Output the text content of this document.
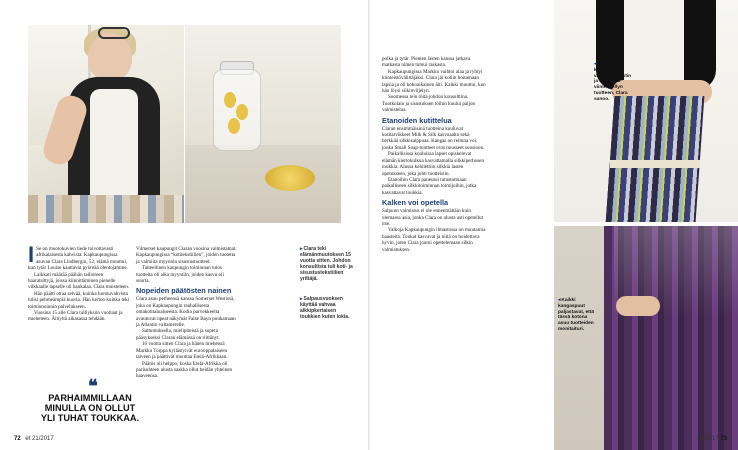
I Se on muotokuvien tiede toivottavasti afrikalaisesta kahvista. Kapkaupungissa asuvan Clara Lindbergin, 52, elämä muuttui, kun tytär Louise kauttavat pyöreää olentojamme.

Laikkati määrää päähän tailioreen haaratsittyjä, joissa kiinnittäminen pienelle vilkkaalle lapselle oli hankalaa. Clara muisteleen.

Hän päätti ottaa selvää, kuinka luomuvahvista tulisi pehmeämpiä kuoria. Hän kertoo kuinka teki toiminnoinnin palvelukseen.

Vuosina 15 alle Clara tulliyksiin vuotiaat ja mieheteen. Äitiyttä aikasassa tehdään.

Vilmetset kaupungit Claran vuosina valmistamat. Kapkaupungissa “kotitekstiilien”, joiden tuotetta ja valmiita myynnin sisustustuotteet.

Taiteellinen kaupungin toiminnan tulos tuotteita oli aika myyntiin, joiden kasvu oli suurta.

Nopeiden päätösten nainen

Clara asuu perheensä kanssa Somerset Westissä, joka on Kapkaupungin rauhallisesta omakotitaloalueesta. Kodin parvekkeelta avautuvat upeat näkymät False Bayn poukamaan ja Atlantin valtamerelle.

Sattumuksella, mielipiteistä ja sopeta pääsykseksi Claran elämässä on riittänyt.

16 vuotta sitten Clara ja hänen miehensä Markku Torppa kyllästyivät eurooppalaiseen talveen ja päättivät muuttaa Etelä-Afrikkaan.

Päätös oli helppo, koska Etelä-Afrikka oli parisuhteen alusta saakka ollut heidän yhteinen haaveensa.

▸Clara teki elämänmuutoksen 15 vuotta sitten. Johdon konsultista tuli koti- ja sisustustekstiilien yrittäjä.
▸Salpausvuoksen käyttää vahvaa alkkipkertaisen toukkien kuten lokia.
❝
PARHAIMMILLAAN MINULLA ON OLLUT YLI TUHAT TOUKKAA.
72 et 21/2017

polka ja tytär. Pienten lasten kanssa jatkava matkasta nimen tumui raskasta.

Kapkaupungissa Markku vaihtoi alaa ja ryhtyi kiinteistövälittäjäksi. Clara jäi kotiin hoitamaan lapsia ja oli kokoaikainen äiti. Kaikki muuttui, kun hän löysi silkinviljelyn.

Suomessa tein töitä johdon konsulttina. Tuotkolain ja sisustuksen töihin kuului paljon valmistelua.

Etanoiden kutittelua

Claran ensimmäisinä tuotteina kuuluvat kotitarvikkeet Milk & Silk kasvoaalto sekä herkkää silkkisaippuaa. Kangas on reiluna voi, jonka Small Soap-tuotteet ovat nousseet suosioon.

Paikallisissa kouluissa lapset opiskelevat elämän kiertokulkua kasvattamalla silkkiperhosen toukkia. Alussa kehitettiin silkkiä lasten opetukseen, joka johti tuotteisiin.

Etanoihin Clara paneutui tutustuttuaan paikalliseen silkkitoiminnan toimijoihin, jotka kasvattavat toukkia.

Kalken voi opetella

Salpuun valmistus ei ole ennenmättäin kuin olemassa asia, jonka Clara on alusta asti opetellut itse.

Valkoja Kapkaupungin ilmastossa on muutamia haasteita. Toukat kasvavat ja niitä on hoidettava hyvin, joten Clara joutui opettelemaan silkin valmistuksen.

◂Tämä on käsityöläisen valmistaa siistin ja kauniista viimeistellyn tuotteen, Clara sanoo.
◂Kaikki kangaspuut paljastavat, että tässä kotona asuu tuotteiden monitaituri.
21/2017 73
